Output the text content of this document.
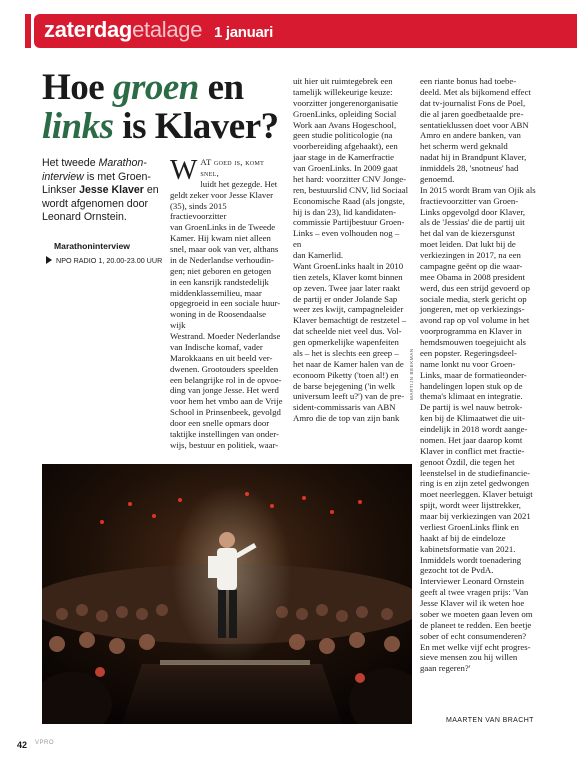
zaterdagetalage 1 januari
Hoe groen en
links is Klaver?
Het tweede Marathon-interview is met Groen-Linkser Jesse Klaver en wordt afgenomen door Leonard Ornstein.
Marathoninterview
NPO RADIO 1, 20.00-23.00 UUR
WAT goed is, komt snel,
luidt het gezegde. Het
geldt zeker voor Jesse Klaver
(35), sinds 2015 fractievoorzitter
van GroenLinks in de Tweede
Kamer. Hij kwam niet alleen
snel, maar ook van ver, althans
in de Nederlandse verhoudin-
gen; niet geboren en getogen
in een kansrijk randstedelijk
middenklassemilieu, maar
opgegroeid in een sociale huur-
woning in de Roosendaalse wijk
Westrand. Moeder Nederlandse
van Indische komaf, vader
Marokkaans en uit beeld ver-
dwenen. Grootouders speelden
een belangrijke rol in de opvoe-
ding van jonge Jesse. Het werd
voor hem het vmbo aan de Vrije
School in Prinsenbeek, gevolgd
door een snelle opmars door
taktijke instellingen van onder-
wijs, bestuur en politiek, waar-
uit hier uit ruimtegebrek een
tamelijk willekeurige keuze:
voorzitter jongerenorganisatie
GroenLinks, opleiding Social
Work aan Avans Hogeschool,
geen studie politicologie (na
voorbereiding afgehaakt), een
jaar stage in de Kamerfractie
van GroenLinks. In 2009 gaat
het hard: voorzitter CNV Jonge-
ren, bestuurslid CNV, lid Sociaal
Economische Raad (als jongste,
hij is dan 23), lid kandidaten-
commissie Partijbestuur Groen-
Links – even volhouden nog – en
dan Kamerlid.
Want GroenLinks haalt in 2010
tien zetels, Klaver komt binnen
op zeven. Twee jaar later raakt
de partij er onder Jolande Sap
weer zes kwijt, campagneleider
Klaver bemachtigt de restzetel –
dat scheelde niet veel dus. Vol-
gen opmerkelijke wapenfeiten
als – het is slechts een greep –
het naar de Kamer halen van de
econoom Piketty ('toen al!) en
de barse bejegening ('in welk
universum leeft u?') van de pre-
sident-commissaris van ABN
Amro die de top van zijn bank
een riante bonus had toebe-
deeld. Met als bijkomend effect
dat tv-journalist Fons de Poel,
die al jaren goedbetaalde pre-
sentatieklussen doet voor ABN
Amro en andere banken, van
het scherm werd geknald
nadat hij in Brandpunt Klaver,
inmiddels 28, 'snotneus' had
genoemd.
In 2015 wordt Bram van Ojik als
fractievoorzitter van Groen-
Links opgevolgd door Klaver,
als de 'Jessias' die de partij uit
het dal van de kiezersgunst
moet leiden. Dat lukt bij de
verkiezingen in 2017, na een
campagne geënt op die waar-
mee Obama in 2008 president
werd, dus een strijd gevoerd op
sociale media, sterk gericht op
jongeren, met op verkiezings-
avond rap op vol volume in het
voorprogramma en Klaver in
hemdsmouwen toegejuicht als
een popster. Regeringsdeel-
name lonkt nu voor Groen-
Links, maar de formatieonder-
handelingen lopen stuk op de
thema's klimaat en integratie.
De partij is wel nauw betrok-
ken bij de Klimaatwet die uit-
eindelijk in 2018 wordt aange-
nomen. Het jaar daarop komt
Klaver in conflict met fractie-
genoot Özdil, die tegen het
leenstelsel in de studiefinancie-
ring is en zijn zetel gedwongen
moet neerleggen. Klaver betuigt
spijt, wordt weer lijsttrekker,
maar bij verkiezingen van 2021
verliest GroenLinks flink en
haakt af bij de eindeloze
kabinetsformatie van 2021.
Inmiddels wordt toenadering
gezocht tot de PvdA.
Interviewer Leonard Ornstein
geeft al twee vragen prijs: 'Van
Jesse Klaver wil ik weten hoe
sober we moeten gaan leven om
de planeet te redden. Een beetje
sober of echt consumenderen?
En met welke vijf echt progres-
sieve mensen zou hij willen
gaan regeren?'
MAARTEN VAN BRACHT
MARTIJN BEEKMAN
42 VPRO
